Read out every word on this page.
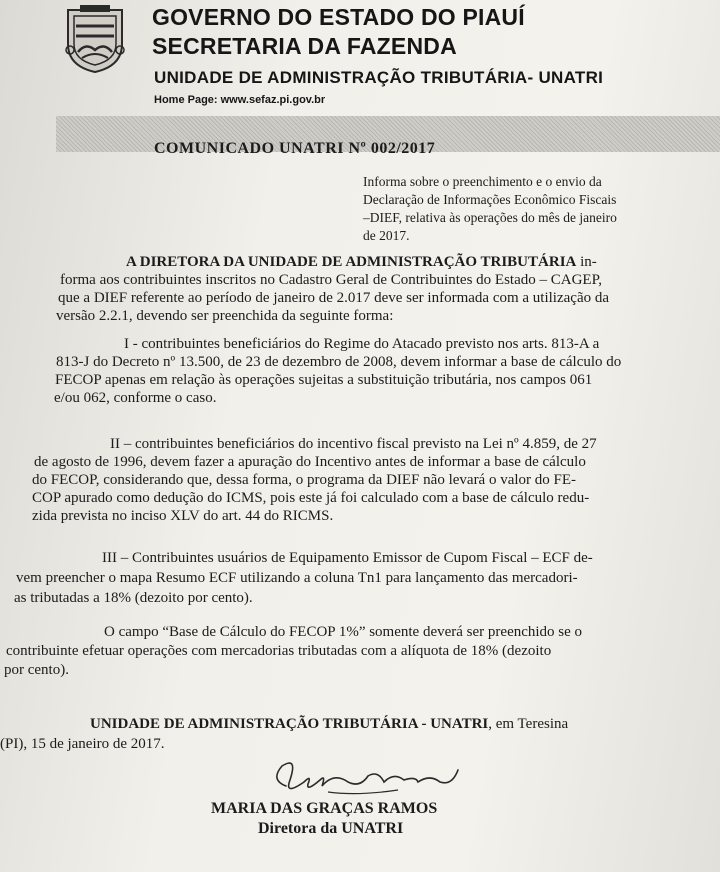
GOVERNO DO ESTADO DO PIAUÍ
SECRETARIA DA FAZENDA
UNIDADE DE ADMINISTRAÇÃO TRIBUTÁRIA- UNATRI
Home Page: www.sefaz.pi.gov.br
COMUNICADO UNATRI Nº 002/2017
Informa sobre o preenchimento e o envio da
Declaração de Informações Econômico Fiscais
–DIEF, relativa às operações do mês de janeiro
de 2017.
A DIRETORA DA UNIDADE DE ADMINISTRAÇÃO TRIBUTÁRIA in-
forma aos contribuintes inscritos no Cadastro Geral de Contribuintes do Estado – CAGEP,
que a DIEF referente ao período de janeiro de 2.017 deve ser informada com a utilização da
versão 2.2.1, devendo ser preenchida da seguinte forma:
I - contribuintes beneficiários do Regime do Atacado previsto nos arts. 813-A a
813-J do Decreto nº 13.500, de 23 de dezembro de 2008, devem informar a base de cálculo do
FECOP apenas em relação às operações sujeitas a substituição tributária, nos campos 061
e/ou 062, conforme o caso.
II – contribuintes beneficiários do incentivo fiscal previsto na Lei nº 4.859, de 27
de agosto de 1996, devem fazer a apuração do Incentivo antes de informar a base de cálculo
do FECOP, considerando que, dessa forma, o programa da DIEF não levará o valor do FE-
COP apurado como dedução do ICMS, pois este já foi calculado com a base de cálculo redu-
zida prevista no inciso XLV do art. 44 do RICMS.
III – Contribuintes usuários de Equipamento Emissor de Cupom Fiscal – ECF de-
vem preencher o mapa Resumo ECF utilizando a coluna Tn1 para lançamento das mercadori-
as tributadas a 18% (dezoito por cento).
O campo “Base de Cálculo do FECOP 1%” somente deverá ser preenchido se o
contribuinte efetuar operações com mercadorias tributadas com a alíquota de 18% (dezoito
por cento).
UNIDADE DE ADMINISTRAÇÃO TRIBUTÁRIA - UNATRI, em Teresina
(PI), 15 de janeiro de 2017.
MARIA DAS GRAÇAS RAMOS
Diretora da UNATRI
